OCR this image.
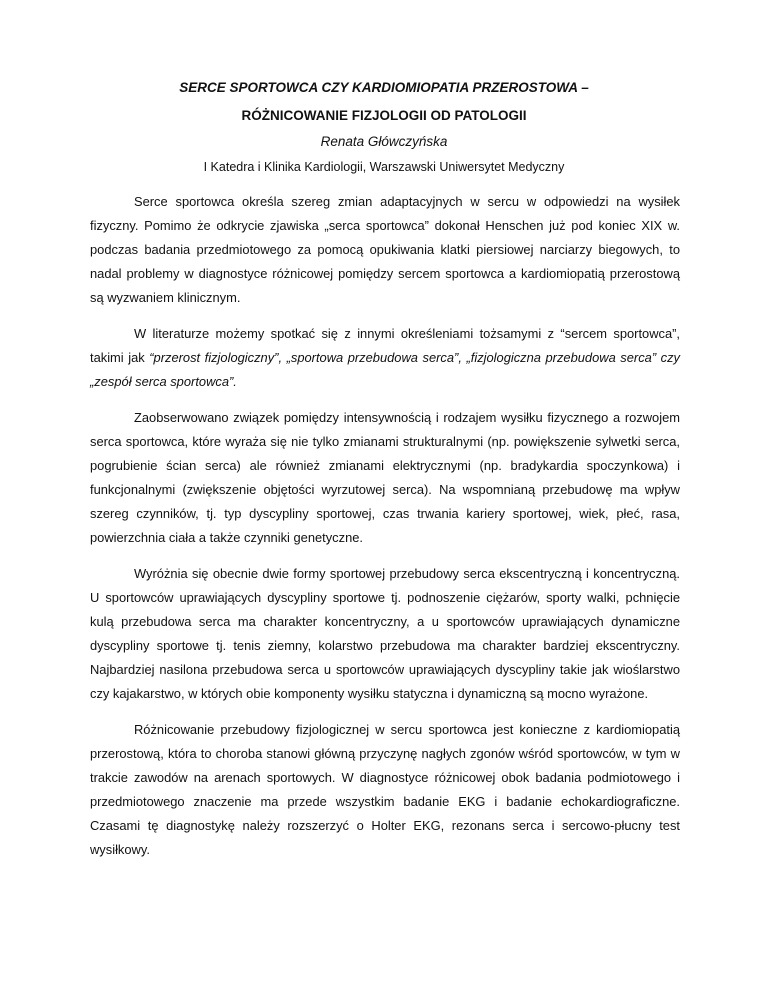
SERCE SPORTOWCA CZY KARDIOMIOPATIA PRZEROSTOWA –
RÓŻNICOWANIE FIZJOLOGII OD PATOLOGII
Renata Główczyńska
I Katedra i Klinika Kardiologii, Warszawski Uniwersytet Medyczny

Serce sportowca określa szereg zmian adaptacyjnych w sercu w odpowiedzi na wysiłek fizyczny. Pomimo że odkrycie zjawiska „serca sportowca” dokonał Henschen już pod koniec XIX w. podczas badania przedmiotowego za pomocą opukiwania klatki piersiowej narciarzy biegowych, to nadal problemy w diagnostyce różnicowej pomiędzy sercem sportowca a kardiomiopatią przerostową są wyzwaniem klinicznym.

W literaturze możemy spotkać się z innymi określeniami tożsamymi z “sercem sportowca”, takimi jak “przerost fizjologiczny”, „sportowa przebudowa serca”, „fizjologiczna przebudowa serca” czy „zespół serca sportowca”.

Zaobserwowano związek pomiędzy intensywnością i rodzajem wysiłku fizycznego a rozwojem serca sportowca, które wyraża się nie tylko zmianami strukturalnymi (np. powiększenie sylwetki serca, pogrubienie ścian serca) ale również zmianami elektrycznymi (np. bradykardia spoczynkowa) i funkcjonalnymi (zwiększenie objętości wyrzutowej serca). Na wspomnianą przebudowę ma wpływ szereg czynników, tj. typ dyscypliny sportowej, czas trwania kariery sportowej, wiek, płeć, rasa, powierzchnia ciała a także czynniki genetyczne.

Wyróżnia się obecnie dwie formy sportowej przebudowy serca ekscentryczną i koncentryczną. U sportowców uprawiających dyscypliny sportowe tj. podnoszenie ciężarów, sporty walki, pchnięcie kulą przebudowa serca ma charakter koncentryczny, a u sportowców uprawiających dynamiczne dyscypliny sportowe tj. tenis ziemny, kolarstwo przebudowa ma charakter bardziej ekscentryczny. Najbardziej nasilona przebudowa serca u sportowców uprawiających dyscypliny takie jak wioślarstwo czy kajakarstwo, w których obie komponenty wysiłku statyczna i dynamiczną są mocno wyrażone.

Różnicowanie przebudowy fizjologicznej w sercu sportowca jest konieczne z kardiomiopatią przerostową, która to choroba stanowi główną przyczynę nagłych zgonów wśród sportowców, w tym w trakcie zawodów na arenach sportowych. W diagnostyce różnicowej obok badania podmiotowego i przedmiotowego znaczenie ma przede wszystkim badanie EKG i badanie echokardiograficzne. Czasami tę diagnostykę należy rozszerzyć o Holter EKG, rezonans serca i sercowo-płucny test wysiłkowy.
